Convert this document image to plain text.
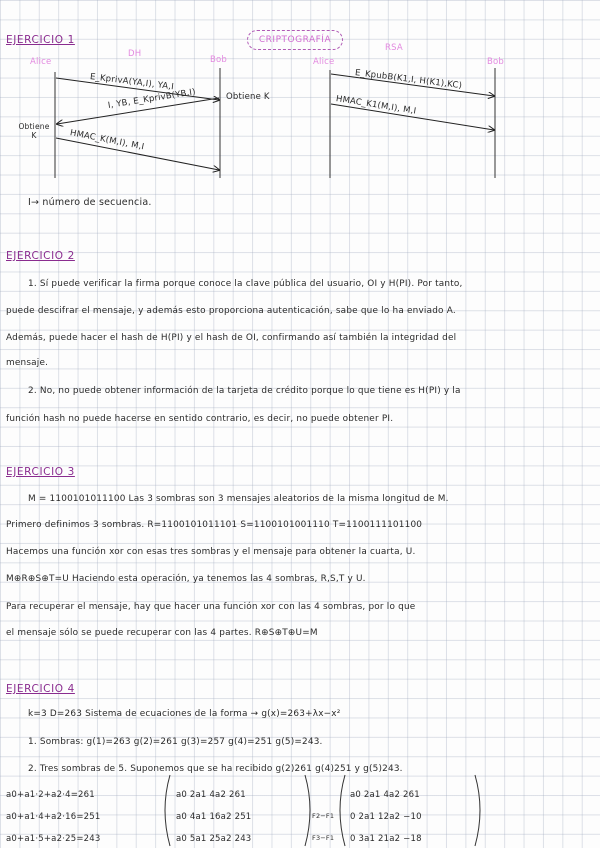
CRIPTOGRAFÍA
EJERCICIO 1
DH
Alice	Bob
E_KprivA(YA,I), YA,I
I, YB, E_KprivB(YB,I)	Obtiene K
Obtiene K	HMAC_K(M,I), M,I
RSA
Alice	Bob
E_KpubB(K1,I, H(K1),KC)
HMAC_K1(M,I), M,I
I→ número de secuencia.
EJERCICIO 2
1. Sí puede verificar la firma porque conoce la clave pública del usuario, OI y H(PI). Por tanto,
puede descifrar el mensaje, y además esto proporciona autenticación, sabe que lo ha enviado A.
Además, puede hacer el hash de H(PI) y el hash de OI, confirmando así también la integridad del
mensaje.
2. No, no puede obtener información de la tarjeta de crédito porque lo que tiene es H(PI) y la
función hash no puede hacerse en sentido contrario, es decir, no puede obtener PI.
EJERCICIO 3
M = 1100101011100 Las 3 sombras son 3 mensajes aleatorios de la misma longitud de M.
Primero definimos 3 sombras. R=1100101011101 S=1100101001110 T=1100111101100
Hacemos una función xor con esas tres sombras y el mensaje para obtener la cuarta, U.
M⊕R⊕S⊕T=U Haciendo esta operación, ya tenemos las 4 sombras, R,S,T y U.
Para recuperar el mensaje, hay que hacer una función xor con las 4 sombras, por lo que
el mensaje sólo se puede recuperar con las 4 partes. R⊕S⊕T⊕U=M
EJERCICIO 4
k=3 D=263 Sistema de ecuaciones de la forma → g(x)=263+λx−x²
1. Sombras: g(1)=263 g(2)=261 g(3)=257 g(4)=251 g(5)=243.
2. Tres sombras de 5. Suponemos que se ha recibido g(2)261 g(4)251 y g(5)243.
a0+a1·2+a2·4=261
a0+a1·4+a2·16=251
a0+a1·5+a2·25=243
a0 2a1 4a2 261
a0 4a1 16a2 251
a0 5a1 25a2 243
F2−F1
F3−F1
a0 2a1 4a2 261
0 2a1 12a2 −10
0 3a1 21a2 −18
